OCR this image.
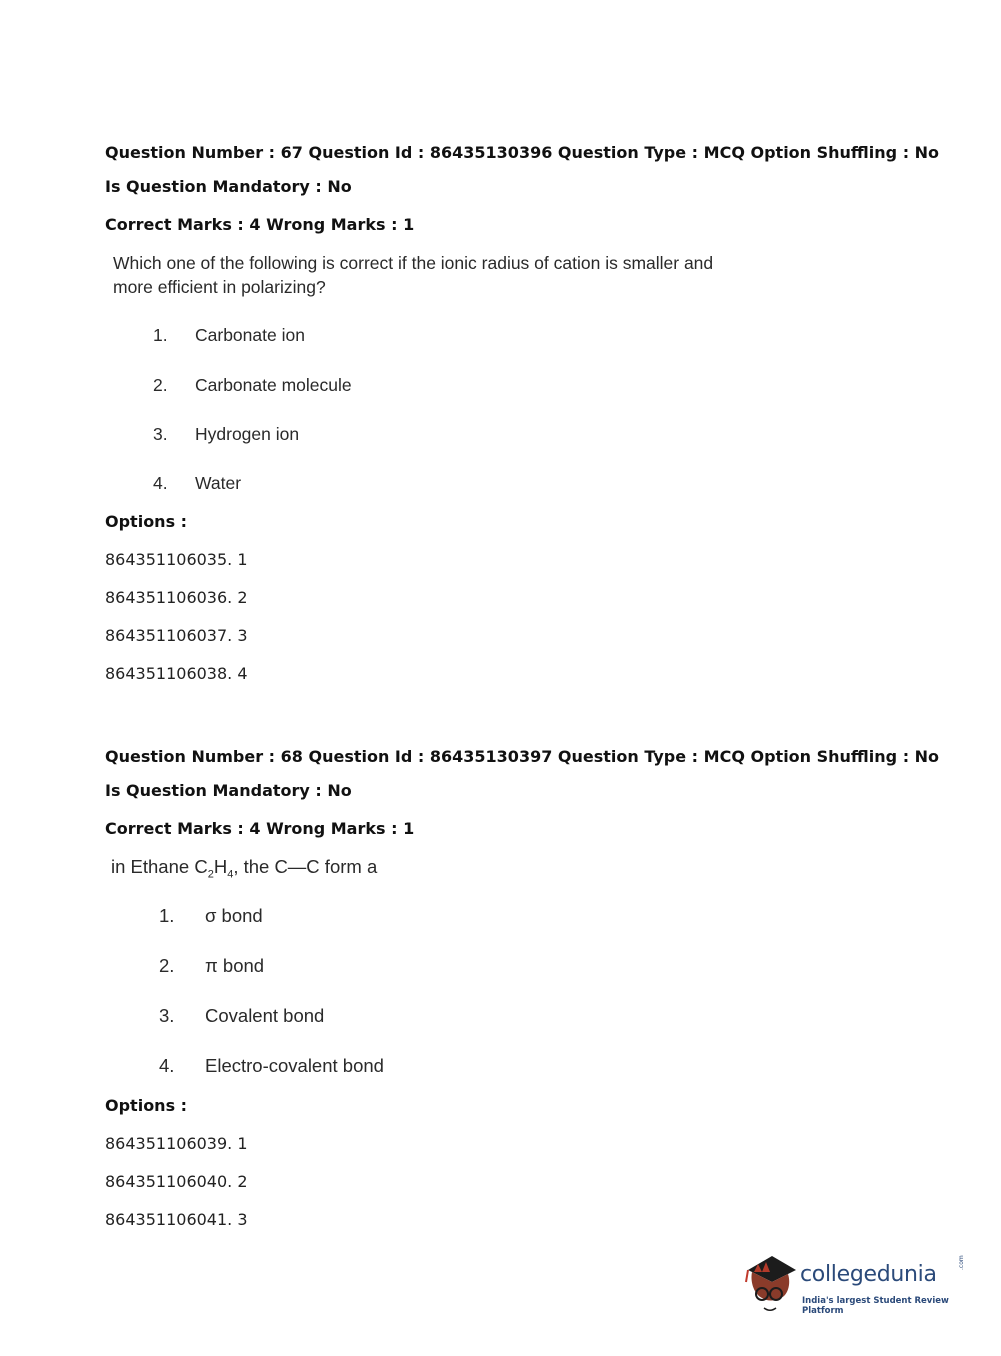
Question Number : 67 Question Id : 86435130396 Question Type : MCQ Option Shuffling : No
Is Question Mandatory : No
Correct Marks : 4 Wrong Marks : 1
Which one of the following is correct if the ionic radius of cation is smaller and
more efficient in polarizing?
1. Carbonate ion
2. Carbonate molecule
3. Hydrogen ion
4. Water
Options :
864351106035. 1
864351106036. 2
864351106037. 3
864351106038. 4
Question Number : 68 Question Id : 86435130397 Question Type : MCQ Option Shuffling : No
Is Question Mandatory : No
Correct Marks : 4 Wrong Marks : 1
in Ethane $C_2H_4$, the C—C form a
1. σ bond
2. π bond
3. Covalent bond
4. Electro-covalent bond
Options :
864351106039. 1
864351106040. 2
864351106041. 3
collegedunia	.com
India's largest Student Review Platform
